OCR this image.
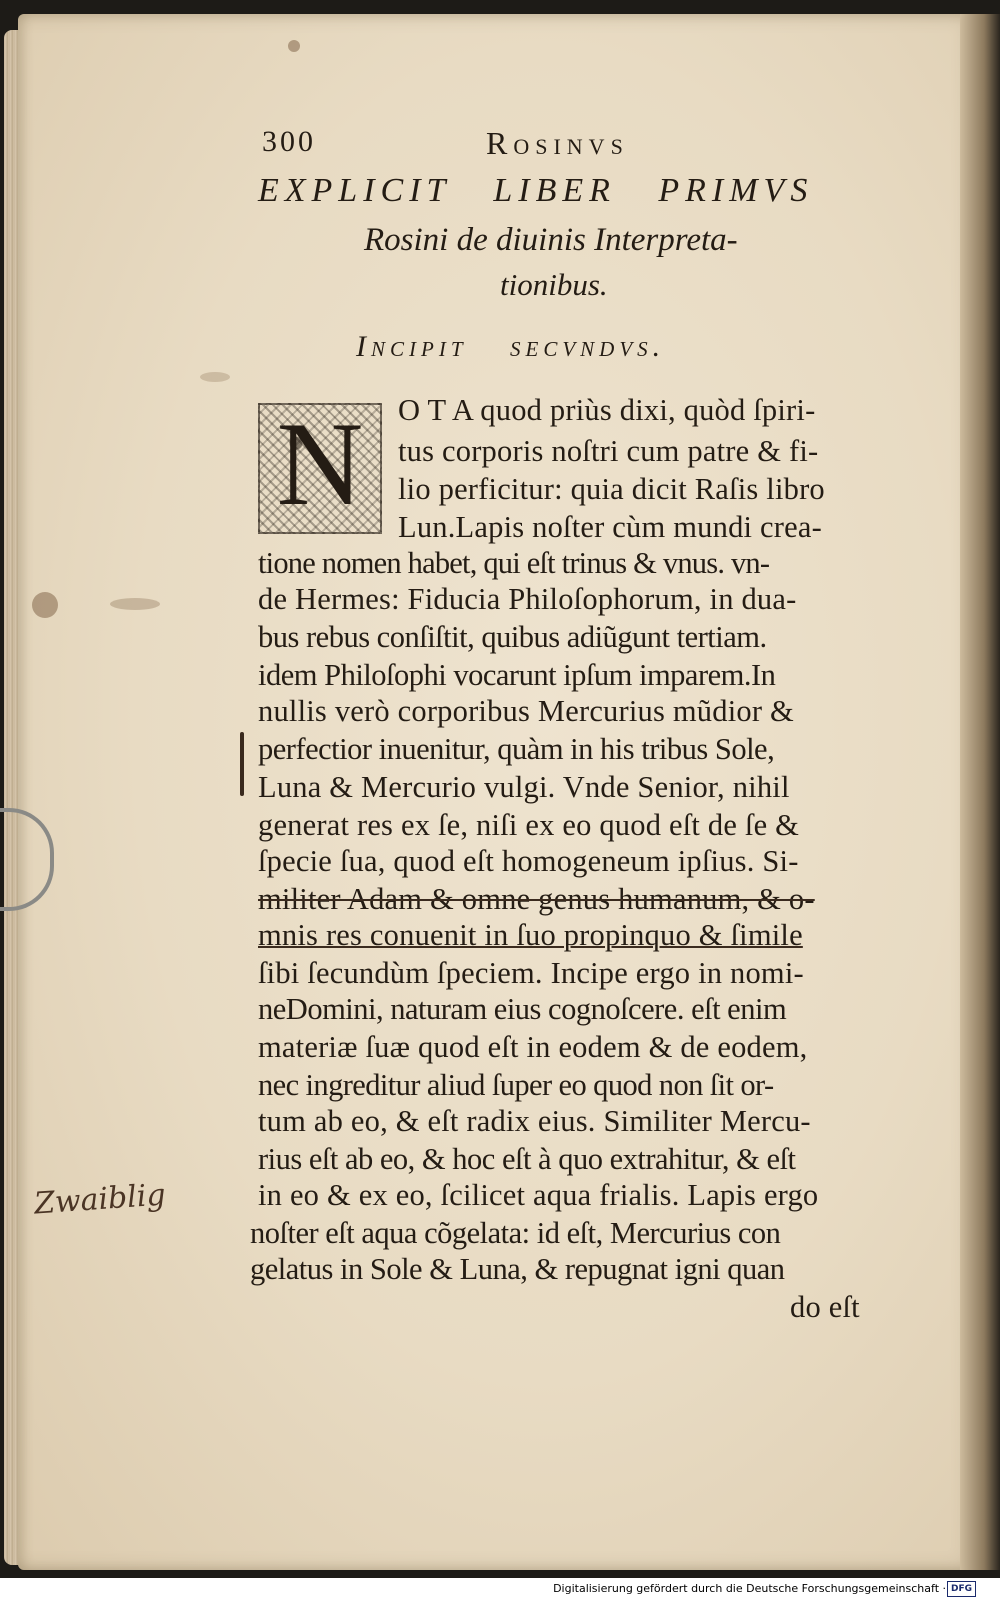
300	Rosinvs
EXPLICIT LIBER PRIMVS
Rosini de diuinis Interpreta-
tionibus.
Incipit secvndvs.
N	O T A quod priùs dixi, quòd ſpiri-
tus corporis noſtri cum patre & fi-
lio perficitur: quia dicit Raſis libro
Lun.Lapis noſter cùm mundi crea-
tione nomen habet, qui eſt trinus & vnus. vn-
de Hermes: Fiducia Philoſophorum, in dua-
bus rebus conſiſtit, quibus adiũgunt tertiam.
idem Philoſophi vocarunt ipſum imparem.In
nullis verò corporibus Mercurius mũdior &
perfectior inuenitur, quàm in his tribus Sole,
Luna & Mercurio vulgi. Vnde Senior, nihil
generat res ex ſe, niſi ex eo quod eſt de ſe &
ſpecie ſua, quod eſt homogeneum ipſius. Si-
militer Adam & omne genus humanum, & o-
mnis res conuenit in ſuo propinquo & ſimile
ſibi ſecundùm ſpeciem. Incipe ergo in nomi-
neDomini, naturam eius cognoſcere. eſt enim
materiæ ſuæ quod eſt in eodem & de eodem,
nec ingreditur aliud ſuper eo quod non ſit or-
tum ab eo, & eſt radix eius. Similiter Mercu-
rius eſt ab eo, & hoc eſt à quo extrahitur, & eſt
in eo & ex eo, ſcilicet aqua frialis. Lapis ergo
noſter eſt aqua cõgelata: id eſt, Mercurius con
gelatus in Sole & Luna, & repugnat igni quan
do eſt
Zwaiblig
Digitalisierung gefördert durch die Deutsche Forschungsgemeinschaft · DFG
